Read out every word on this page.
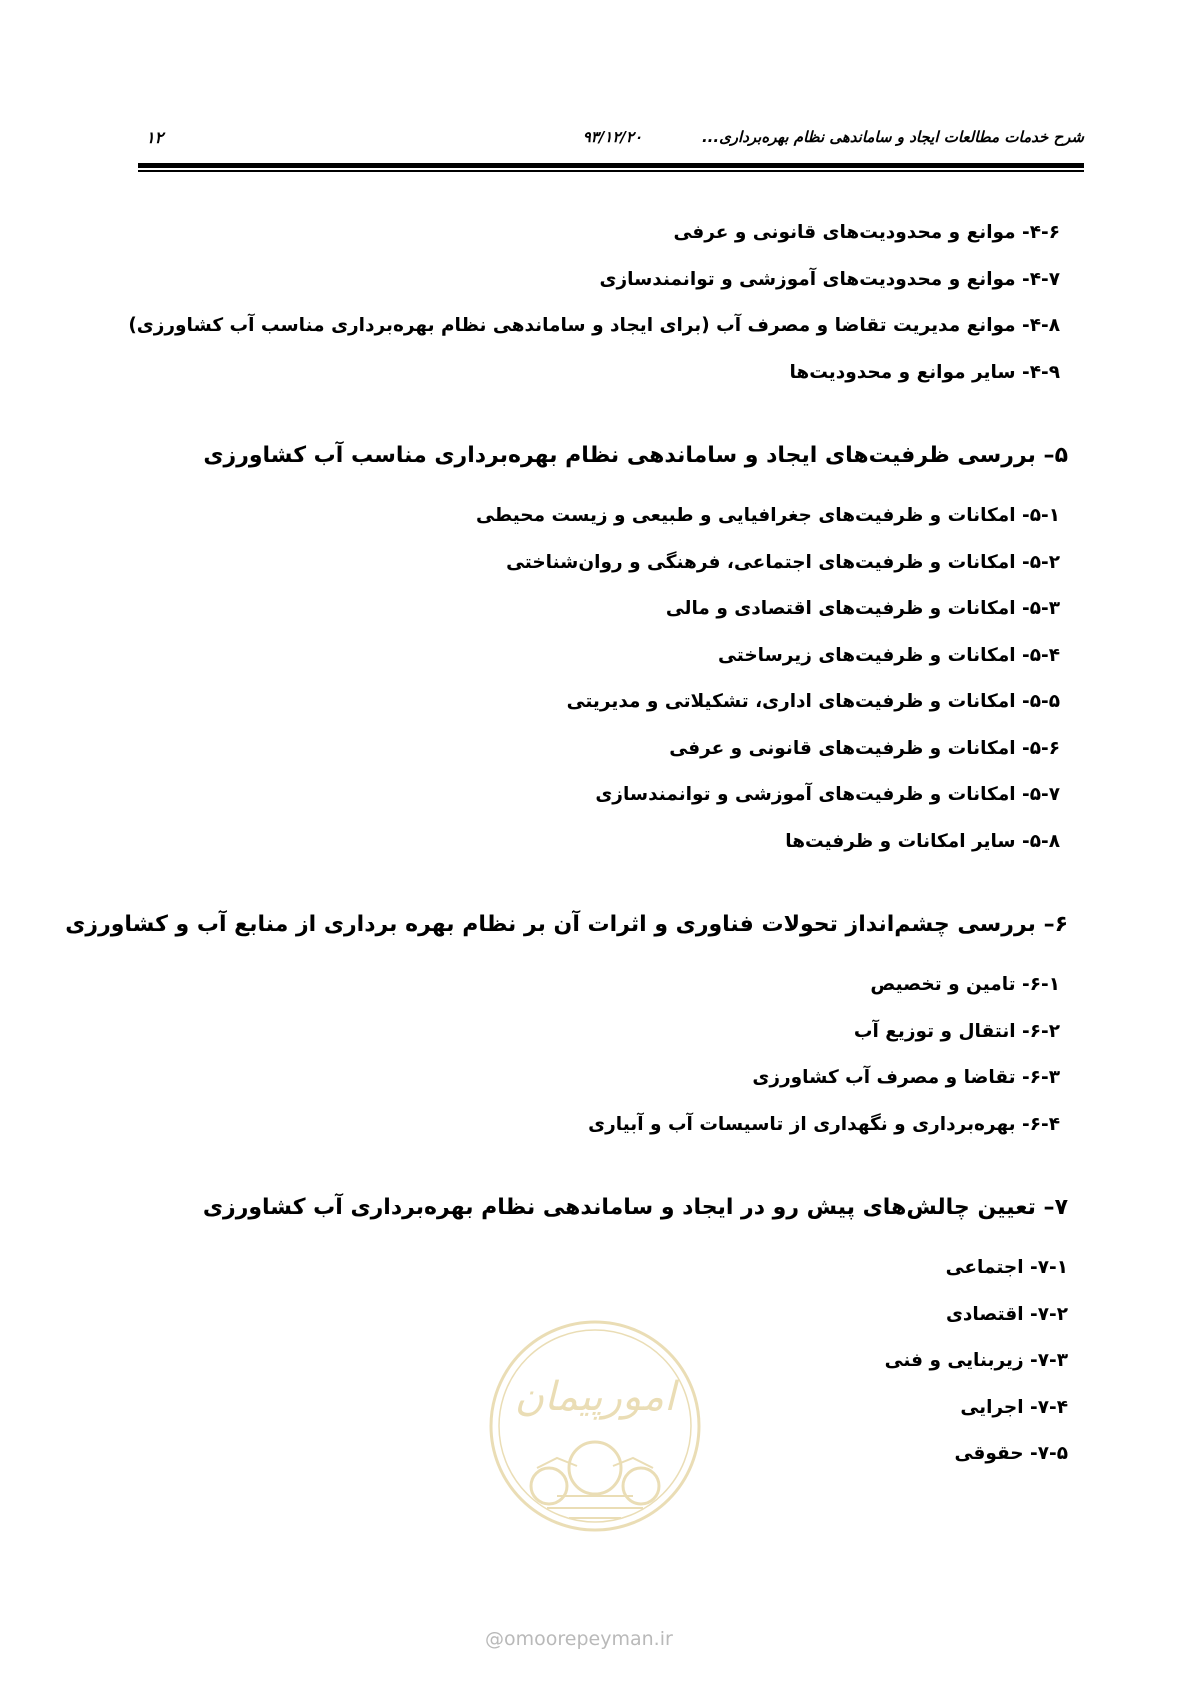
شرح خدمات مطالعات ایجاد و ساماندهی نظام بهره‌برداری...
۹۳/۱۲/۲۰
۱۲
۴-۶- موانع و محدودیت‌های قانونی و عرفی
۴-۷- موانع و محدودیت‌های آموزشی و توانمندسازی
۴-۸- موانع مدیریت تقاضا و مصرف آب (برای ایجاد و ساماندهی نظام بهره‌برداری مناسب آب کشاورزی)
۴-۹- سایر موانع و محدودیت‌ها
۵– بررسی ظرفیت‌های ایجاد و ساماندهی نظام بهره‌برداری مناسب آب کشاورزی
۵-۱- امکانات و ظرفیت‌های جغرافیایی و طبیعی و زیست محیطی
۵-۲- امکانات و ظرفیت‌های اجتماعی، فرهنگی و روان‌شناختی
۵-۳- امکانات و ظرفیت‌های اقتصادی و مالی
۵-۴- امکانات و ظرفیت‌های زیرساختی
۵-۵- امکانات و ظرفیت‌های اداری، تشکیلاتی و مدیریتی
۵-۶- امکانات و ظرفیت‌های قانونی و عرفی
۵-۷- امکانات و ظرفیت‌های آموزشی و توانمندسازی
۵-۸- سایر امکانات و ظرفیت‌ها
۶– بررسی چشم‌انداز تحولات فناوری و اثرات آن بر نظام بهره برداری از منابع آب و کشاورزی
۶-۱- تامین و تخصیص
۶-۲- انتقال و توزیع آب
۶-۳- تقاضا و مصرف آب کشاورزی
۶-۴- بهره‌برداری و نگهداری از تاسیسات آب و آبیاری
۷– تعیین چالش‌های پیش رو در ایجاد و ساماندهی نظام بهره‌برداری آب کشاورزی
۷-۱- اجتماعی
۷-۲- اقتصادی
۷-۳- زیربنایی و فنی
۷-۴- اجرایی
۷-۵- حقوقی
امورپیمان
@omoorepeyman.ir
